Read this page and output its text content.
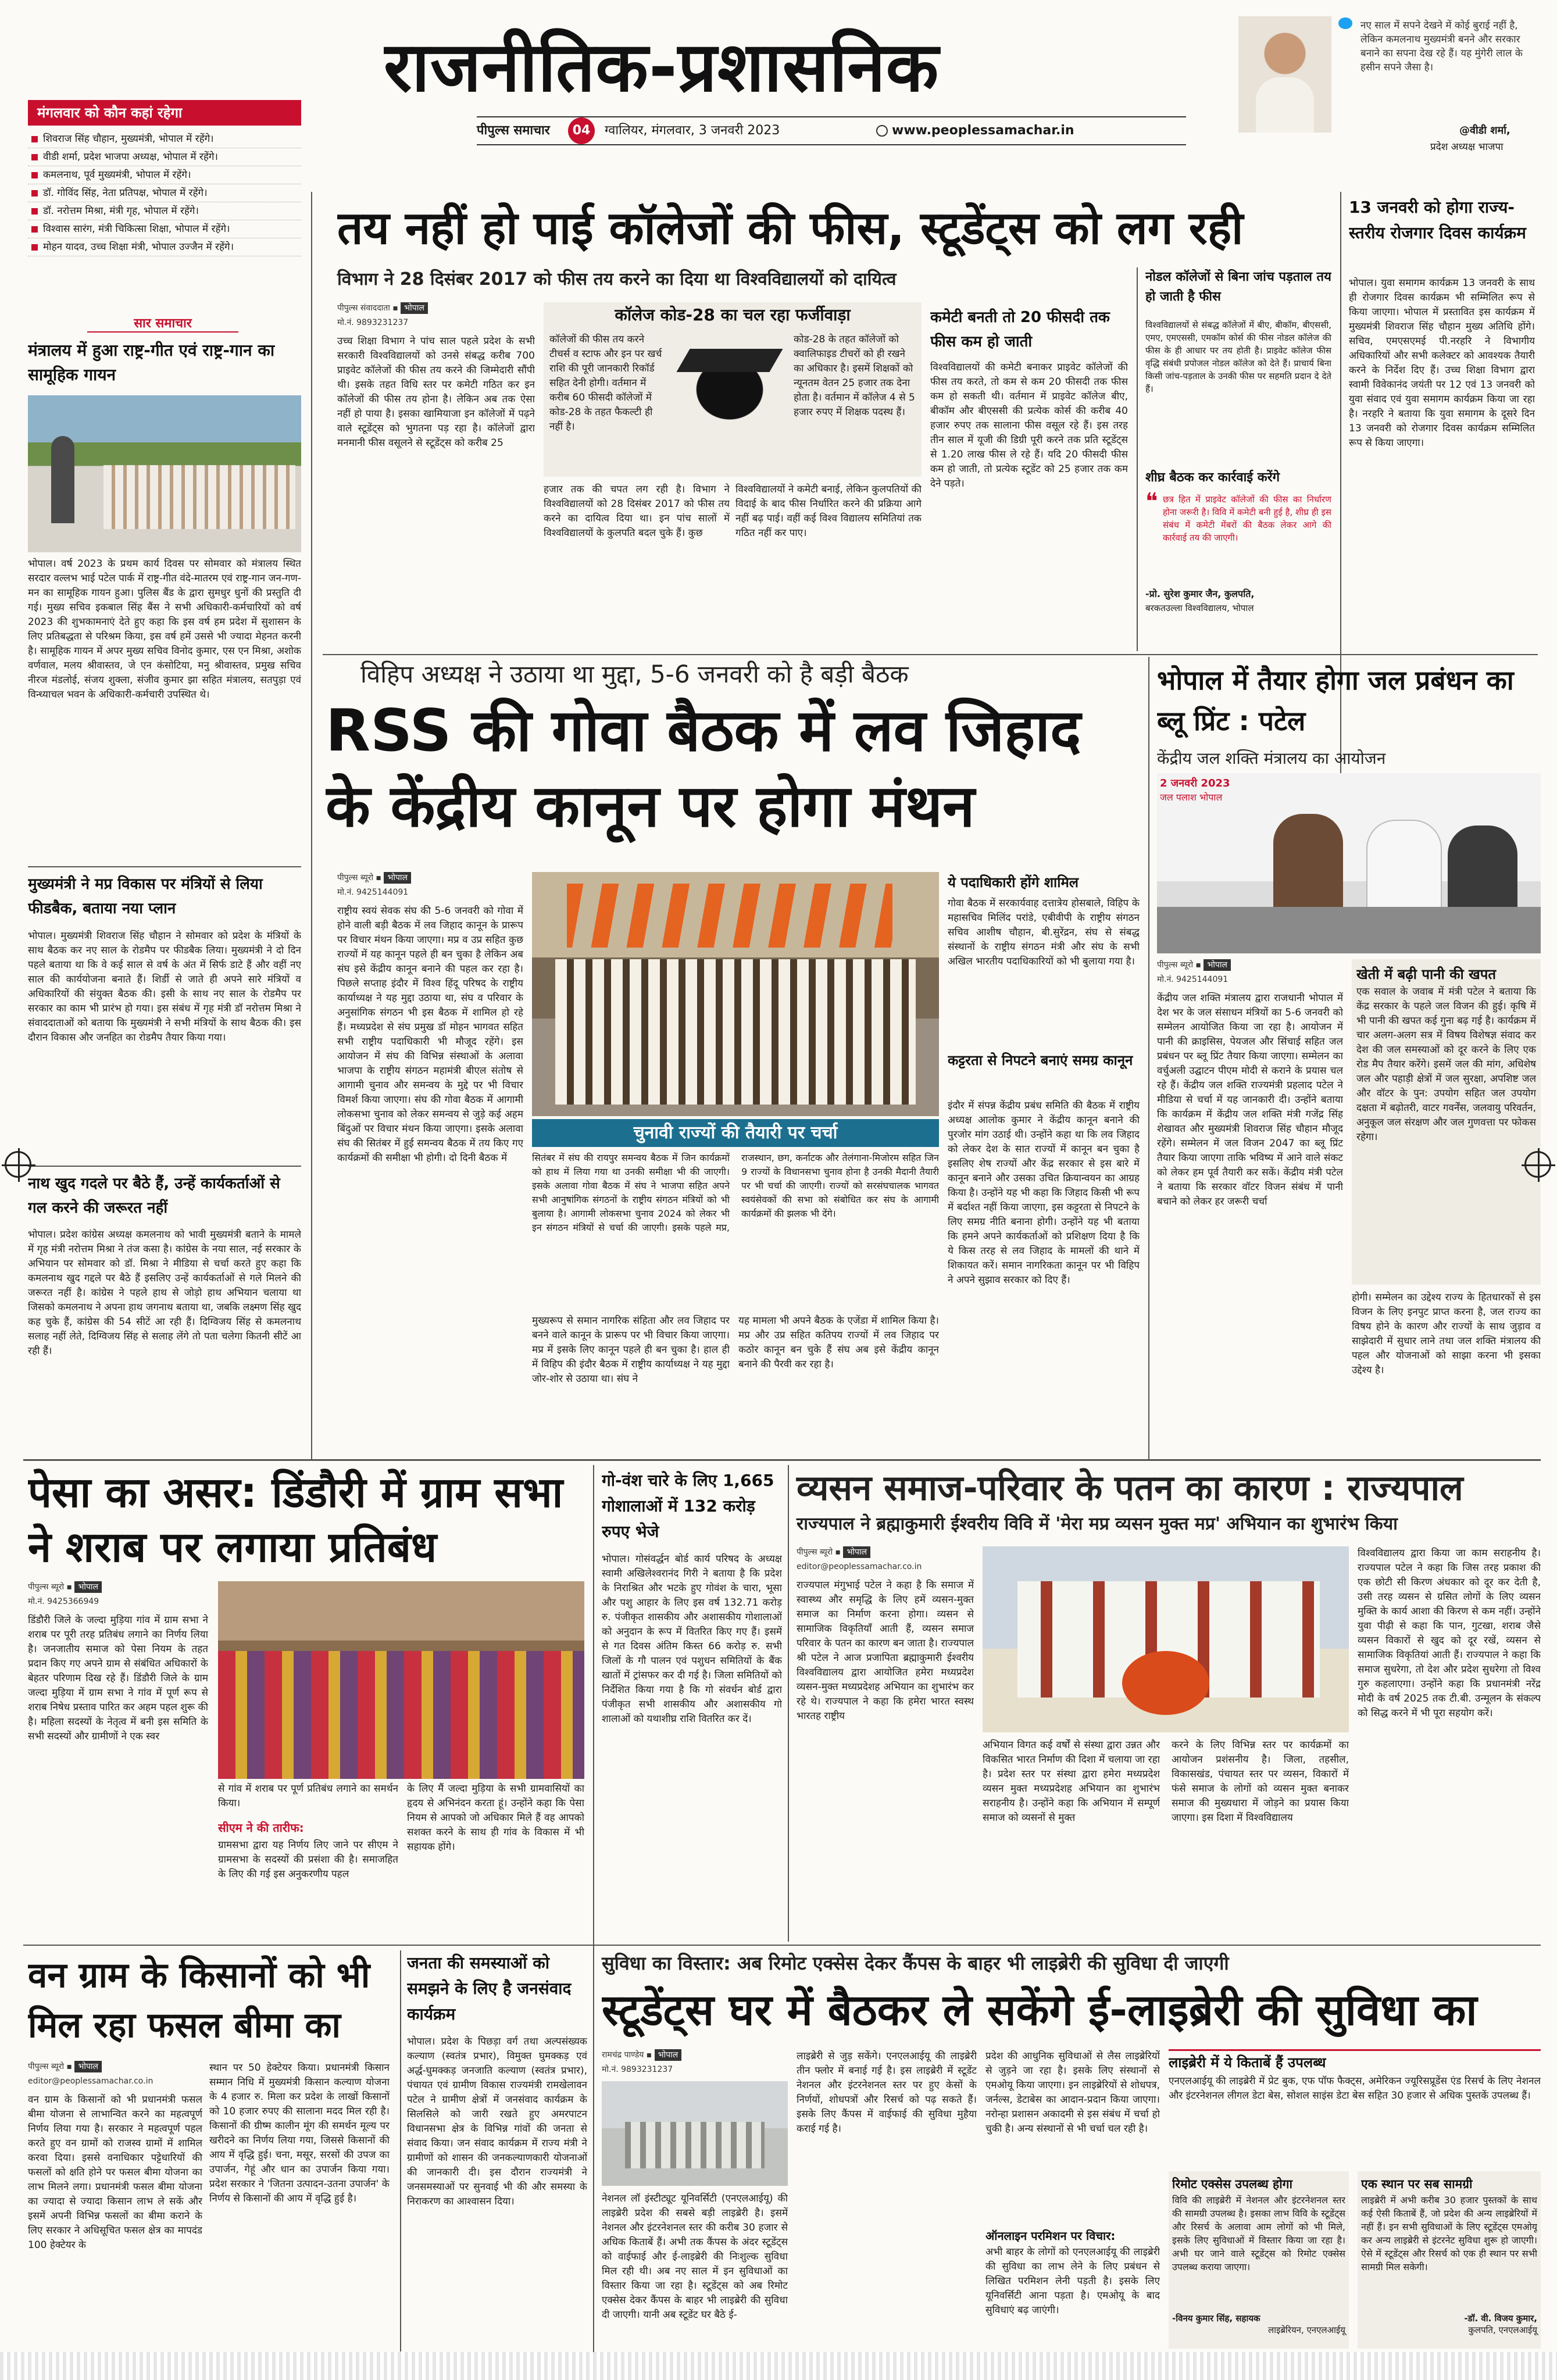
राजनीतिक-प्रशासनिक
पीपुल्स समाचार 04 ग्वालियर, मंगलवार, 3 जनवरी 2023	www.peoplessamachar.in
नए साल में सपने देखने में कोई बुराई नहीं है, लेकिन कमलनाथ मुख्यमंत्री बनने और सरकार बनाने का सपना देख रहे हैं। यह मुंगेरी लाल के हसीन सपने जैसा है।
@वीडी शर्मा,
प्रदेश अध्यक्ष भाजपा
मंगलवार को कौन कहां रहेगा
शिवराज सिंह चौहान, मुख्यमंत्री, भोपाल में रहेंगे।
वीडी शर्मा, प्रदेश भाजपा अध्यक्ष, भोपाल में रहेंगे।
कमलनाथ, पूर्व मुख्यमंत्री, भोपाल में रहेंगे।
डॉ. गोविंद सिंह, नेता प्रतिपक्ष, भोपाल में रहेंगे।
डॉ. नरोत्तम मिश्रा, मंत्री गृह, भोपाल में रहेंगे।
विश्वास सारंग, मंत्री चिकित्सा शिक्षा, भोपाल में रहेंगे।
मोहन यादव, उच्च शिक्षा मंत्री, भोपाल उज्जैन में रहेंगे।
सार समाचार
मंत्रालय में हुआ राष्ट्र-गीत एवं राष्ट्र-गान का सामूहिक गायन
भोपाल। वर्ष 2023 के प्रथम कार्य दिवस पर सोमवार को मंत्रालय स्थित सरदार वल्लभ भाई पटेल पार्क में राष्ट्र-गीत वंदे-मातरम एवं राष्ट्र-गान जन-गण-मन का सामूहिक गायन हुआ। पुलिस बैंड के द्वारा सुमधुर धुनों की प्रस्तुति दी गई। मुख्य सचिव इकबाल सिंह बैंस ने सभी अधिकारी-कर्मचारियों को वर्ष 2023 की शुभकामनाएं देते हुए कहा कि इस वर्ष हम प्रदेश में सुशासन के लिए प्रतिबद्धता से परिश्रम किया, इस वर्ष हमें उससे भी ज्यादा मेहनत करनी है। सामूहिक गायन में अपर मुख्य सचिव विनोद कुमार, एस एन मिश्रा, अशोक वर्णवाल, मलय श्रीवास्तव, जे एन कंसोटिया, मनु श्रीवास्तव, प्रमुख सचिव नीरज मंडलोई, संजय शुक्ला, संजीव कुमार झा सहित मंत्रालय, सतपुड़ा एवं विन्ध्याचल भवन के अधिकारी-कर्मचारी उपस्थित थे।
मुख्यमंत्री ने मप्र विकास पर मंत्रियों से लिया फीडबैक, बताया नया प्लान
भोपाल। मुख्यमंत्री शिवराज सिंह चौहान ने सोमवार को प्रदेश के मंत्रियों के साथ बैठक कर नए साल के रोडमैप पर फीडबैक लिया। मुख्यमंत्री ने दो दिन पहले बताया था कि वे कई साल से वर्ष के अंत में सिर्फ डाटे हैं और वहीं नए साल की कार्ययोजना बनाते हैं। शिर्डी से जाते ही अपने सारे मंत्रियों व अधिकारियों की संयुक्त बैठक की। इसी के साथ नए साल के रोडमैप पर सरकार का काम भी प्रारंभ हो गया। इस संबंध में गृह मंत्री डॉ नरोत्तम मिश्रा ने संवाददाताओं को बताया कि मुख्यमंत्री ने सभी मंत्रियों के साथ बैठक की। इस दौरान विकास और जनहित का रोडमैप तैयार किया गया।
नाथ खुद गदले पर बैठे हैं, उन्हें कार्यकर्ताओं से गल करने की जरूरत नहीं
भोपाल। प्रदेश कांग्रेस अध्यक्ष कमलनाथ को भावी मुख्यमंत्री बताने के मामले में गृह मंत्री नरोत्तम मिश्रा ने तंज कसा है। कांग्रेस के नया साल, नई सरकार के अभियान पर सोमवार को डॉ. मिश्रा ने मीडिया से चर्चा करते हुए कहा कि कमलनाथ खुद गद्दले पर बैठे हैं इसलिए उन्हें कार्यकर्ताओं से गले मिलने की जरूरत नहीं है। कांग्रेस ने पहले हाथ से जोड़ो हाथ अभियान चलाया था जिसको कमलनाथ ने अपना हाथ जगनाथ बताया था, जबकि लक्ष्मण सिंह खुद कह चुके हैं, कांग्रेस की 54 सीटें आ रही हैं। दिग्विजय सिंह से कमलनाथ सलाह नहीं लेते, दिग्विजय सिंह से सलाह लेंगे तो पता चलेगा कितनी सीटें आ रही हैं।
तय नहीं हो पाई कॉलेजों की फीस, स्टूडेंट्स को लग रही
विभाग ने 28 दिसंबर 2017 को फीस तय करने का दिया था विश्वविद्यालयों को दायित्व
पीपुल्स संवाददाता ▪ भोपाल
मो.नं. 9893231237
उच्च शिक्षा विभाग ने पांच साल पहले प्रदेश के सभी सरकारी विश्वविद्यालयों को उनसे संबद्ध करीब 700 प्राइवेट कॉलेजों की फीस तय करने की जिम्मेदारी सौंपी थी। इसके तहत विधि स्तर पर कमेटी गठित कर इन कॉलेजों की फीस तय होना है। लेकिन अब तक ऐसा नहीं हो पाया है। इसका खामियाजा इन कॉलेजों में पढ़ने वाले स्टूडेंट्स को भुगतना पड़ रहा है। कॉलेजों द्वारा मनमानी फीस वसूलने से स्टूडेंट्स को करीब 25
कॉलेज कोड-28 का चल रहा फर्जीवाड़ा
कॉलेजों की फीस तय करने टीचर्स व स्टाफ और इन पर खर्च राशि की पूरी जानकारी रिकॉर्ड सहित देनी होगी। वर्तमान में करीब 60 फीसदी कॉलेजों में कोड-28 के तहत फैकल्टी ही नहीं है।
कोड-28 के तहत कॉलेजों को क्वालिफाइड टीचरों को ही रखने का अधिकार है। इसमें शिक्षकों को न्यूनतम वेतन 25 हजार तक देना होता है। वर्तमान में कॉलेज 4 से 5 हजार रुपए में शिक्षक पदस्थ हैं।
हजार तक की चपत लग रही है। विभाग ने विश्वविद्यालयों को 28 दिसंबर 2017 को फीस तय करने का दायित्व दिया था। इन पांच सालों में विश्वविद्यालयों के कुलपति बदल चुके हैं। कुछ
विश्वविद्यालयों ने कमेटी बनाई, लेकिन कुलपतियों की विदाई के बाद फीस निर्धारित करने की प्रक्रिया आगे नहीं बढ़ पाई। वहीं कई विश्व विद्यालय समितियां तक गठित नहीं कर पाए।
कमेटी बनती तो 20 फीसदी तक फीस कम हो जाती
विश्वविद्यालयों की कमेटी बनाकर प्राइवेट कॉलेजों की फीस तय करते, तो कम से कम 20 फीसदी तक फीस कम हो सकती थी। वर्तमान में प्राइवेट कॉलेज बीए, बीकॉम और बीएससी की प्रत्येक कोर्स की करीब 40 हजार रुपए तक सालाना फीस वसूल रहे हैं। इस तरह तीन साल में यूजी की डिग्री पूरी करने तक प्रति स्टूडेंट्स से 1.20 लाख फीस ले रहे हैं। यदि 20 फीसदी फीस कम हो जाती, तो प्रत्येक स्टूडेंट को 25 हजार तक कम देने पड़ते।
नोडल कॉलेजों से बिना जांच पड़ताल तय हो जाती है फीस
विश्वविद्यालयों से संबद्ध कॉलेजों में बीए, बीकॉम, बीएससी, एमए, एमएससी, एमकॉम कोर्स की फीस नोडल कॉलेज की फीस के ही आधार पर तय होती है। प्राइवेट कॉलेज फीस वृद्धि संबंधी प्रपोजल नोडल कॉलेज को देते हैं। प्राचार्य बिना किसी जांच-पड़ताल के उनकी फीस पर सहमति प्रदान दे देते हैं।
शीघ्र बैठक कर कार्रवाई करेंगे
❝ छत्र हित में प्राइवेट कॉलेजों की फीस का निर्धारण होना जरूरी है। विवि में कमेटी बनी हुई है, शीघ्र ही इस संबंध में कमेटी मेंबरों की बैठक लेकर आगे की कार्रवाई तय की जाएगी।
-प्रो. सुरेश कुमार जैन, कुलपति,
बरकतउल्ला विश्वविद्यालय, भोपाल
13 जनवरी को होगा राज्य-स्तरीय रोजगार दिवस कार्यक्रम
भोपाल। युवा समागम कार्यक्रम 13 जनवरी के साथ ही रोजगार दिवस कार्यक्रम भी सम्मिलित रूप से किया जाएगा। भोपाल में प्रस्तावित इस कार्यक्रम में मुख्यमंत्री शिवराज सिंह चौहान मुख्य अतिथि होंगे। सचिव, एमएसएमई पी.नरहरि ने विभागीय अधिकारियों और सभी कलेक्टर को आवश्यक तैयारी करने के निर्देश दिए हैं। उच्च शिक्षा विभाग द्वारा स्वामी विवेकानंद जयंती पर 12 एवं 13 जनवरी को युवा संवाद एवं युवा समागम कार्यक्रम किया जा रहा है। नरहरि ने बताया कि युवा समागम के दूसरे दिन 13 जनवरी को रोजगार दिवस कार्यक्रम सम्मिलित रूप से किया जाएगा।
विहिप अध्यक्ष ने उठाया था मुद्दा, 5-6 जनवरी को है बड़ी बैठक
RSS की गोवा बैठक में लव जिहाद
के केंद्रीय कानून पर होगा मंथन
पीपुल्स ब्यूरो ▪ भोपाल
मो.नं. 9425144091
राष्ट्रीय स्वयं सेवक संघ की 5-6 जनवरी को गोवा में होने वाली बड़ी बैठक में लव जिहाद कानून के प्रारूप पर विचार मंथन किया जाएगा। मप्र व उप्र सहित कुछ राज्यों में यह कानून पहले ही बन चुका है लेकिन अब संघ इसे केंद्रीय कानून बनाने की पहल कर रहा है। पिछले सप्ताह इंदौर में विश्व हिंदू परिषद के राष्ट्रीय कार्याध्यक्ष ने यह मुद्दा उठाया था, संघ व परिवार के अनुसांगिक संगठन भी इस बैठक में शामिल हो रहे हैं। मध्यप्रदेश से संघ प्रमुख डॉ मोहन भागवत सहित सभी राष्ट्रीय पदाधिकारी भी मौजूद रहेंगे। इस आयोजन में संघ की विभिन्न संस्थाओं के अलावा भाजपा के राष्ट्रीय संगठन महामंत्री बीएल संतोष से आगामी चुनाव और समन्वय के मुद्दे पर भी विचार विमर्श किया जाएगा। संघ की गोवा बैठक में आगामी लोकसभा चुनाव को लेकर समन्वय से जुड़े कई अहम बिंदुओं पर विचार मंथन किया जाएगा। इसके अलावा संघ की सितंबर में हुई समन्वय बैठक में तय किए गए कार्यक्रमों की समीक्षा भी होगी। दो दिनी बैठक में
चुनावी राज्यों की तैयारी पर चर्चा
सितंबर में संघ की रायपुर समन्वय बैठक में जिन कार्यक्रमों को हाथ में लिया गया था उनकी समीक्षा भी की जाएगी। इसके अलावा गोवा बैठक में संघ ने भाजपा सहित अपने सभी आनुषांगिक संगठनों के राष्ट्रीय संगठन मंत्रियों को भी बुलाया है। आगामी लोकसभा चुनाव 2024 को लेकर भी इन संगठन मंत्रियों से चर्चा की जाएगी। इसके पहले मप्र, राजस्थान, छग, कर्नाटक और तेलंगाना-मिजोरम सहित जिन 9 राज्यों के विधानसभा चुनाव होना है उनकी मैदानी तैयारी पर भी चर्चा की जाएगी। राज्यों को सरसंघचालक भागवत स्वयंसेवकों की सभा को संबोधित कर संघ के आगामी कार्यक्रमों की झलक भी देंगे।
मुख्यरूप से समान नागरिक संहिता और लव जिहाद पर बनने वाले कानून के प्रारूप पर भी विचार किया जाएगा। मप्र में इसके लिए कानून पहले ही बन चुका है। हाल ही में विहिप की इंदौर बैठक में राष्ट्रीय कार्याध्यक्ष ने यह मुद्दा जोर-शोर से उठाया था। संघ ने
यह मामला भी अपने बैठक के एजेंडा में शामिल किया है। मप्र और उप्र सहित कतिपय राज्यों में लव जिहाद पर कठोर कानून बन चुके हैं संघ अब इसे केंद्रीय कानून बनाने की पैरवी कर रहा है।
ये पदाधिकारी होंगे शामिल
गोवा बैठक में सरकार्यवाह दत्तात्रेय होसबाले, विहिप के महासचिव मिलिंद परांडे, एबीवीपी के राष्ट्रीय संगठन सचिव आशीष चौहान, बी.सुरेंद्रन, संघ से संबद्ध संस्थानों के राष्ट्रीय संगठन मंत्री और संघ के सभी अखिल भारतीय पदाधिकारियों को भी बुलाया गया है।
कट्टरता से निपटने बनाएं समग्र कानून
इंदौर में संपन्न केंद्रीय प्रबंध समिति की बैठक में राष्ट्रीय अध्यक्ष आलोक कुमार ने केंद्रीय कानून बनाने की पुरजोर मांग उठाई थी। उन्होंने कहा था कि लव जिहाद को लेकर देश के सात राज्यों में कानून बन चुका है इसलिए शेष राज्यों और केंद्र सरकार से इस बारे में कानून बनाने और उसका उचित क्रियान्वयन का आग्रह किया है। उन्होंने यह भी कहा कि जिहाद किसी भी रूप में बर्दाश्त नहीं किया जाएगा, इस कट्टरता से निपटने के लिए समग्र नीति बनाना होगी। उन्होंने यह भी बताया कि हमने अपने कार्यकर्ताओं को प्रशिक्षण दिया है कि ये किस तरह से लव जिहाद के मामलों की थाने में शिकायत करें। समान नागरिकता कानून पर भी विहिप ने अपने सुझाव सरकार को दिए हैं।
भोपाल में तैयार होगा जल प्रबंधन का ब्लू प्रिंट : पटेल
केंद्रीय जल शक्ति मंत्रालय का आयोजन
2 जनवरी 2023
जल पलाश भोपाल
पीपुल्स ब्यूरो ▪ भोपाल
मो.नं. 9425144091
केंद्रीय जल शक्ति मंत्रालय द्वारा राजधानी भोपाल में देश भर के जल संसाधन मंत्रियों का 5-6 जनवरी को सम्मेलन आयोजित किया जा रहा है। आयोजन में पानी की क्राइसिस, पेयजल और सिंचाई सहित जल प्रबंधन पर ब्लू प्रिंट तैयार किया जाएगा। सम्मेलन का वर्चुअली उद्घाटन पीएम मोदी से कराने के प्रयास चल रहे हैं। केंद्रीय जल शक्ति राज्यमंत्री प्रहलाद पटेल ने मीडिया से चर्चा में यह जानकारी दी। उन्होंने बताया कि कार्यक्रम में केंद्रीय जल शक्ति मंत्री गजेंद्र सिंह शेखावत और मुख्यमंत्री शिवराज सिंह चौहान मौजूद रहेंगे। सम्मेलन में जल विजन 2047 का ब्लू प्रिंट तैयार किया जाएगा ताकि भविष्य में आने वाले संकट को लेकर हम पूर्व तैयारी कर सकें। केंद्रीय मंत्री पटेल ने बताया कि सरकार वॉटर विजन संबंध में पानी बचाने को लेकर हर जरूरी चर्चा
खेती में बढ़ी पानी की खपत
एक सवाल के जवाब में मंत्री पटेल ने बताया कि केंद्र सरकार के पहले जल विजन की हुई। कृषि में भी पानी की खपत कई गुना बढ़ गई है। कार्यक्रम में चार अलग-अलग सत्र में विषय विशेषज्ञ संवाद कर देश की जल समस्याओं को दूर करने के लिए एक रोड मैप तैयार करेंगे। इसमें जल की मांग, अधिशेष जल और पहाड़ी क्षेत्रों में जल सुरक्षा, अपशिष्ट जल और वॉटर के पुन: उपयोग सहित जल उपयोग दक्षता में बढ़ोतरी, वाटर गवर्नेंस, जलवायु परिवर्तन, अनुकूल जल संरक्षण और जल गुणवत्ता पर फोकस रहेगा।
होगी। सम्मेलन का उद्देश्य राज्य के हितधारकों से इस विजन के लिए इनपुट प्राप्त करना है, जल राज्य का विषय होने के कारण और राज्यों के साथ जुड़ाव व साझेदारी में सुधार लाने तथा जल शक्ति मंत्रालय की पहल और योजनाओं को साझा करना भी इसका उद्देश्य है।
पेसा का असर: डिंडौरी में ग्राम सभा ने शराब पर लगाया प्रतिबंध
पीपुल्स ब्यूरो ▪ भोपाल
मो.नं. 9425366949
डिंडौरी जिले के जल्दा मुड़िया गांव में ग्राम सभा ने शराब पर पूरी तरह प्रतिबंध लगाने का निर्णय लिया है। जनजातीय समाज को पेसा नियम के तहत प्रदान किए गए अपने ग्राम से संबंधित अधिकारों के बेहतर परिणाम दिख रहे हैं। डिंडौरी जिले के ग्राम जल्दा मुड़िया में ग्राम सभा ने गांव में पूर्ण रूप से शराब निषेध प्रस्ताव पारित कर अहम पहल शुरू की है। महिला सदस्यों के नेतृत्व में बनी इस समिति के सभी सदस्यों और ग्रामीणों ने एक स्वर
से गांव में शराब पर पूर्ण प्रतिबंध लगाने का समर्थन किया।
सीएम ने की तारीफ:
ग्रामसभा द्वारा यह निर्णय लिए जाने पर सीएम ने ग्रामसभा के सदस्यों की प्रसंशा की है। समाजहित के लिए की गई इस अनुकरणीय पहल
के लिए मैं जल्दा मुड़िया के सभी ग्रामवासियों का हृदय से अभिनंदन करता हूं। उन्होंने कहा कि पेसा नियम से आपको जो अधिकार मिले हैं वह आपको सशक्त करने के साथ ही गांव के विकास में भी सहायक होंगे।
गो-वंश चारे के लिए 1,665 गोशालाओं में 132 करोड़ रुपए भेजे
भोपाल। गोसंवर्द्धन बोर्ड कार्य परिषद के अध्यक्ष स्वामी अखिलेश्वरानंद गिरी ने बताया है कि प्रदेश के निराश्रित और भटके हुए गोवंश के चारा, भूसा और पशु आहार के लिए इस वर्ष 132.71 करोड़ रु. पंजीकृत शासकीय और अशासकीय गोशालाओं को अनुदान के रूप में वितरित किए गए हैं। इसमें से गत दिवस अंतिम किस्त 66 करोड़ रु. सभी जिलों के गौ पालन एवं पशुधन समितियों के बैंक खातों में ट्रांसफर कर दी गई है। जिला समितियों को निर्देशित किया गया है कि गो संवर्धन बोर्ड द्वारा पंजीकृत सभी शासकीय और अशासकीय गो शालाओं को यथाशीघ्र राशि वितरित कर दें।
व्यसन समाज-परिवार के पतन का कारण : राज्यपाल
राज्यपाल ने ब्रह्माकुमारी ईश्वरीय विवि में 'मेरा मप्र व्यसन मुक्त मप्र' अभियान का शुभारंभ किया
पीपुल्स ब्यूरो ▪ भोपाल
editor@peoplessamachar.co.in
राज्यपाल मंगुभाई पटेल ने कहा है कि समाज में स्वास्थ्य और समृद्धि के लिए हमें व्यसन-मुक्त समाज का निर्माण करना होगा। व्यसन से सामाजिक विकृतियाँ आती हैं, व्यसन समाज परिवार के पतन का कारण बन जाता है। राज्यपाल श्री पटेल ने आज प्रजापिता ब्रह्माकुमारी ईश्वरीय विश्वविद्यालय द्वारा आयोजित हमेरा मध्यप्रदेश व्यसन-मुक्त मध्यप्रदेशह अभियान का शुभारंभ कर रहे थे। राज्यपाल ने कहा कि हमेरा भारत स्वस्थ भारतह राष्ट्रीय
अभियान विगत कई वर्षों से संस्था द्वारा उन्नत और विकसित भारत निर्माण की दिशा में चलाया जा रहा है। प्रदेश स्तर पर संस्था द्वारा हमेरा मध्यप्रदेश व्यसन मुक्त मध्यप्रदेशह अभियान का शुभारंभ सराहनीय है। उन्होंने कहा कि अभियान में सम्पूर्ण समाज को व्यसनों से मुक्त
करने के लिए विभिन्न स्तर पर कार्यक्रमों का आयोजन प्रशंसनीय है। जिला, तहसील, विकासखंड, पंचायत स्तर पर व्यसन, विकारों में फंसे समाज के लोगों को व्यसन मुक्त बनाकर समाज की मुख्यधारा में जोड़ने का प्रयास किया जाएगा। इस दिशा में विश्वविद्यालय
विश्वविद्यालय द्वारा किया जा काम सराहनीय है। राज्यपाल पटेल ने कहा कि जिस तरह प्रकाश की एक छोटी सी किरण अंधकार को दूर कर देती है, उसी तरह व्यसन से ग्रसित लोगों के लिए व्यसन मुक्ति के कार्य आशा की किरण से कम नहीं। उन्होंने युवा पीढ़ी से कहा कि पान, गुटखा, शराब जैसे व्यसन विकारों से खुद को दूर रखें, व्यसन से सामाजिक विकृतियां आती हैं। राज्यपाल ने कहा कि समाज सुधरेगा, तो देश और प्रदेश सुधरेगा तो विश्व गुरु कहलाएगा। उन्होंने कहा कि प्रधानमंत्री नरेंद्र मोदी के वर्ष 2025 तक टी.बी. उन्मूलन के संकल्प को सिद्ध करने में भी पूरा सहयोग करें।
वन ग्राम के किसानों को भी मिल रहा फसल बीमा का
पीपुल्स ब्यूरो ▪ भोपाल
editor@peoplessamachar.co.in
वन ग्राम के किसानों को भी प्रधानमंत्री फसल बीमा योजना से लाभान्वित करने का महत्वपूर्ण निर्णय लिया गया है। सरकार ने महत्वपूर्ण पहल करते हुए वन ग्रामों को राजस्व ग्रामों में शामिल करवा दिया। इससे वनाधिकार पट्टेधारियों की फसलों को क्षति होने पर फसल बीमा योजना का लाभ मिलने लगा। प्रधानमंत्री फसल बीमा योजना का ज्यादा से ज्यादा किसान लाभ ले सकें और इसमें अपनी विभिन्न फसलों का बीमा कराने के लिए सरकार ने अधिसूचित फसल क्षेत्र का मापदंड 100 हेक्टेयर के
स्थान पर 50 हेक्टेयर किया। प्रधानमंत्री किसान सम्मान निधि में मुख्यमंत्री किसान कल्याण योजना के 4 हजार रु. मिला कर प्रदेश के लाखों किसानों को 10 हजार रुपए की सालाना मदद मिल रही है। किसानों की ग्रीष्म कालीन मूंग की समर्थन मूल्य पर खरीदने का निर्णय लिया गया, जिससे किसानों की आय में वृद्धि हुई। चना, मसूर, सरसों की उपज का उपार्जन, गेहूं और धान का उपार्जन किया गया। प्रदेश सरकार ने 'जितना उत्पादन-उतना उपार्जन' के निर्णय से किसानों की आय में वृद्धि हुई है।
जनता की समस्याओं को समझने के लिए है जनसंवाद कार्यक्रम
भोपाल। प्रदेश के पिछड़ा वर्ग तथा अल्पसंख्यक कल्याण (स्वतंत्र प्रभार), विमुक्त घुमक्कड़ एवं अर्द्ध-घुमक्कड़ जनजाति कल्याण (स्वतंत्र प्रभार), पंचायत एवं ग्रामीण विकास राज्यमंत्री रामखेलावन पटेल ने ग्रामीण क्षेत्रों में जनसंवाद कार्यक्रम के सिलसिले को जारी रखते हुए अमरपाटन विधानसभा क्षेत्र के विभिन्न गांवों की जनता से संवाद किया। जन संवाद कार्यक्रम में राज्य मंत्री ने ग्रामीणों को शासन की जनकल्याणकारी योजनाओं की जानकारी दी। इस दौरान राज्यमंत्री ने जनसमस्याओं पर सुनवाई भी की और समस्या के निराकरण का आश्वासन दिया।
सुविधा का विस्तार: अब रिमोट एक्सेस देकर कैंपस के बाहर भी लाइब्रेरी की सुविधा दी जाएगी
स्टूडेंट्स घर में बैठकर ले सकेंगे ई-लाइब्रेरी की सुविधा का
रामचंद्र पाण्डेय ▪ भोपाल
मो.नं. 9893231237
नेशनल लॉ इंस्टीट्यूट यूनिवर्सिटी (एनएलआईयू) की लाइब्रेरी प्रदेश की सबसे बड़ी लाइब्रेरी है। इसमें नेशनल और इंटरनेशनल स्तर की करीब 30 हजार से अधिक किताबें हैं। अभी तक कैंपस के अंदर स्टूडेंट्स को वाईफाई और ई-लाइब्रेरी की निःशुल्क सुविधा मिल रही थी। अब नए साल में इन सुविधाओं का विस्तार किया जा रहा है। स्टूडेंट्स को अब रिमोट एक्सेस देकर कैंपस के बाहर भी लाइब्रेरी की सुविधा दी जाएगी। यानी अब स्टूडेंट घर बैठे ई-
लाइब्रेरी से जुड़ सकेंगे। एनएलआईयू की लाइब्रेरी तीन फ्लोर में बनाई गई है। इस लाइब्रेरी में स्टूडेंट नेशनल और इंटरनेशनल स्तर पर हुए केसों के निर्णयों, शोधपत्रों और रिसर्च को पढ़ सकते हैं। इसके लिए कैंपस में वाईफाई की सुविधा मुहैया कराई गई है।
प्रदेश की आधुनिक सुविधाओं से लैस लाइब्रेरियों से जुड़ने जा रहा है। इसके लिए संस्थानों से एमओयू किया जाएगा। इन लाइब्रेरियों से शोधपत्र, जर्नल्स, डेटाबेस का आदान-प्रदान किया जाएगा। नरोन्हा प्रशासन अकादमी से इस संबंध में चर्चा हो चुकी है। अन्य संस्थानों से भी चर्चा चल रही है।
ऑनलाइन परमिशन पर विचार:
अभी बाहर के लोगों को एनएलआईयू की लाइब्रेरी की सुविधा का लाभ लेने के लिए प्रबंधन से लिखित परमिशन लेनी पड़ती है। इसके लिए यूनिवर्सिटी आना पड़ता है। एमओयू के बाद सुविधाएं बढ़ जाएंगी।
लाइब्रेरी में ये किताबें हैं उपलब्ध
एनएलआईयू की लाइब्रेरी में प्रेट बुक, एफ पॉफ फैक्ट्स, अमेरिकन ज्यूरिसप्रूडेंस एंड रिसर्च के लिए नेशनल और इंटरनेशनल लीगल डेटा बेस, सोशल साइंस डेटा बेस सहित 30 हजार से अधिक पुस्तकें उपलब्ध हैं।
रिमोट एक्सेस उपलब्ध होगा
विवि की लाइब्रेरी में नेशनल और इंटरनेशनल स्तर की सामग्री उपलब्ध है। इसका लाभ विवि के स्टूडेंट्स और रिसर्च के अलावा आम लोगों को भी मिले, इसके लिए सुविधाओं में विस्तार किया जा रहा है। अभी घर जाने वाले स्टूडेंट्स को रिमोट एक्सेस उपलब्ध कराया जाएगा।
-विनय कुमार सिंह, सहायक
लाइब्रेरियन, एनएलआईयू
एक स्थान पर सब सामग्री
लाइब्रेरी में अभी करीब 30 हजार पुस्तकों के साथ कई ऐसी किताबें हैं, जो प्रदेश की अन्य लाइब्रेरियों में नहीं हैं। इन सभी सुविधाओं के लिए स्टूडेंट्स एमओयू कर अन्य लाइब्रेरी से इंटरनेट सुविधा शुरू हो जाएगी। ऐसे में स्टूडेंट्स और रिसर्च को एक ही स्थान पर सभी सामग्री मिल सकेगी।
-डॉ. वी. विजय कुमार,
कुलपति, एनएलआईयू
